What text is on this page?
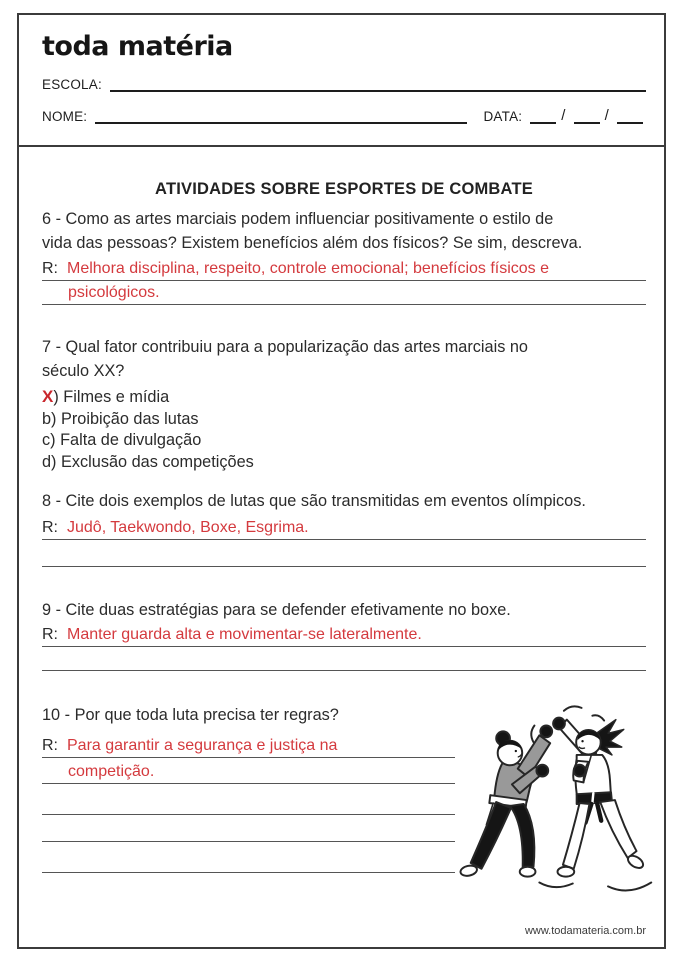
toda matéria
ESCOLA:
NOME:	DATA:	/	/
ATIVIDADES SOBRE ESPORTES DE COMBATE
6 - Como as artes marciais podem influenciar positivamente o estilo de
vida das pessoas? Existem benefícios além dos físicos? Se sim, descreva.
R: Melhora disciplina, respeito, controle emocional; benefícios físicos e
psicológicos.
7 - Qual fator contribuiu para a popularização das artes marciais no
século XX?
X) Filmes e mídia
b) Proibição das lutas
c) Falta de divulgação
d) Exclusão das competições
8 - Cite dois exemplos de lutas que são transmitidas em eventos olímpicos.
R: Judô, Taekwondo, Boxe, Esgrima.
9 - Cite duas estratégias para se defender efetivamente no boxe.
R: Manter guarda alta e movimentar-se lateralmente.
10 - Por que toda luta precisa ter regras?
R: Para garantir a segurança e justiça na
competição.
www.todamateria.com.br
